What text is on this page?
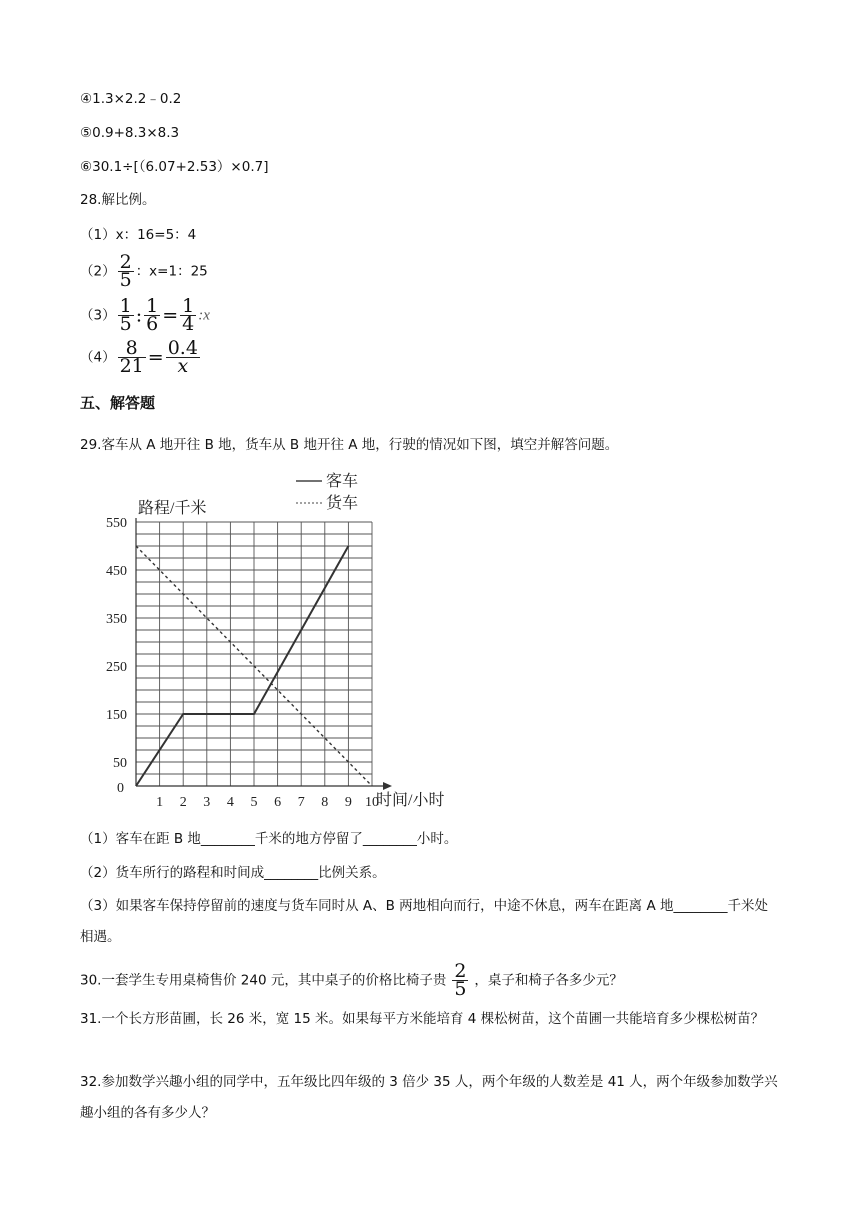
④1.3×2.2﹣0.2
⑤0.9+8.3×8.3
⑥30.1÷[（6.07+2.53）×0.7]
28.解比例。
（1）x：16=5：4
$(2) \frac{2}{5}$ ：x=1：25
$(3) \frac{1}{5}$ : $\frac{1}{6} = \frac{1}{4}$ :x
$(4) \frac{8}{21} = \frac{0.4}{x}$
五、解答题
29.客车从 A 地开往 B 地，货车从 B 地开往 A 地，行驶的情况如下图，填空并解答问题。
1 2 3 4 5 6 7 8 9 10
550
450
350
250
150
50
0
客车
货车
路程/千米
时间/小时
（1）客车在距 B 地________千米的地方停留了________小时。
（2）货车所行的路程和时间成________比例关系。
（3）如果客车保持停留前的速度与货车同时从 A、B 两地相向而行，中途不休息，两车在距离 A 地________千米处相遇。
30.一套学生专用桌椅售价 240 元，其中桌子的价格比椅子贵 $\frac{2}{5}$ ，桌子和椅子各多少元？
31.一个长方形苗圃，长 26 米，宽 15 米。如果每平方米能培育 4 棵松树苗，这个苗圃一共能培育多少棵松树苗？
32.参加数学兴趣小组的同学中，五年级比四年级的 3 倍少 35 人，两个年级的人数差是 41 人，两个年级参加数学兴趣小组的各有多少人？
